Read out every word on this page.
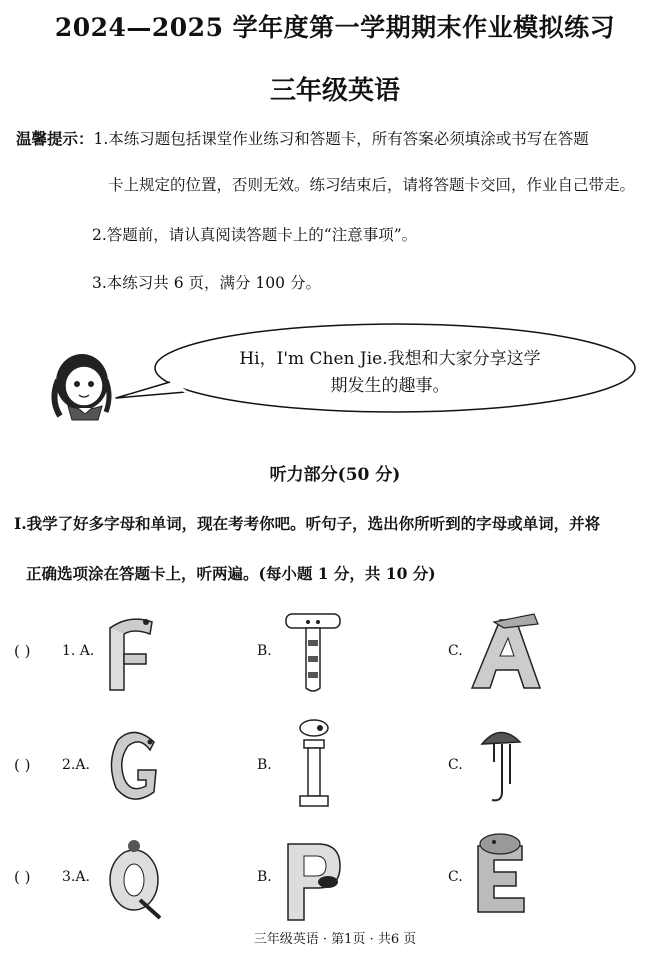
2024—2025 学年度第一学期期末作业模拟练习
三年级英语
温馨提示：1.本练习题包括课堂作业练习和答题卡，所有答案必须填涂或书写在答题
卡上规定的位置，否则无效。练习结束后，请将答题卡交回，作业自己带走。
2.答题前，请认真阅读答题卡上的“注意事项”。
3.本练习共 6 页，满分 100 分。
Hi，I'm Chen Jie.我想和大家分享这学
期发生的趣事。
听力部分(50 分)
I.我学了好多字母和单词，现在考考你吧。听句子，选出你所听到的字母或单词，并将
正确选项涂在答题卡上，听两遍。(每小题 1 分，共 10 分)
( ) 1. A.	B.	C.
( ) 2.A.	B.	C.
( ) 3.A.	B.	C.
三年级英语 · 第1页 · 共6 页
